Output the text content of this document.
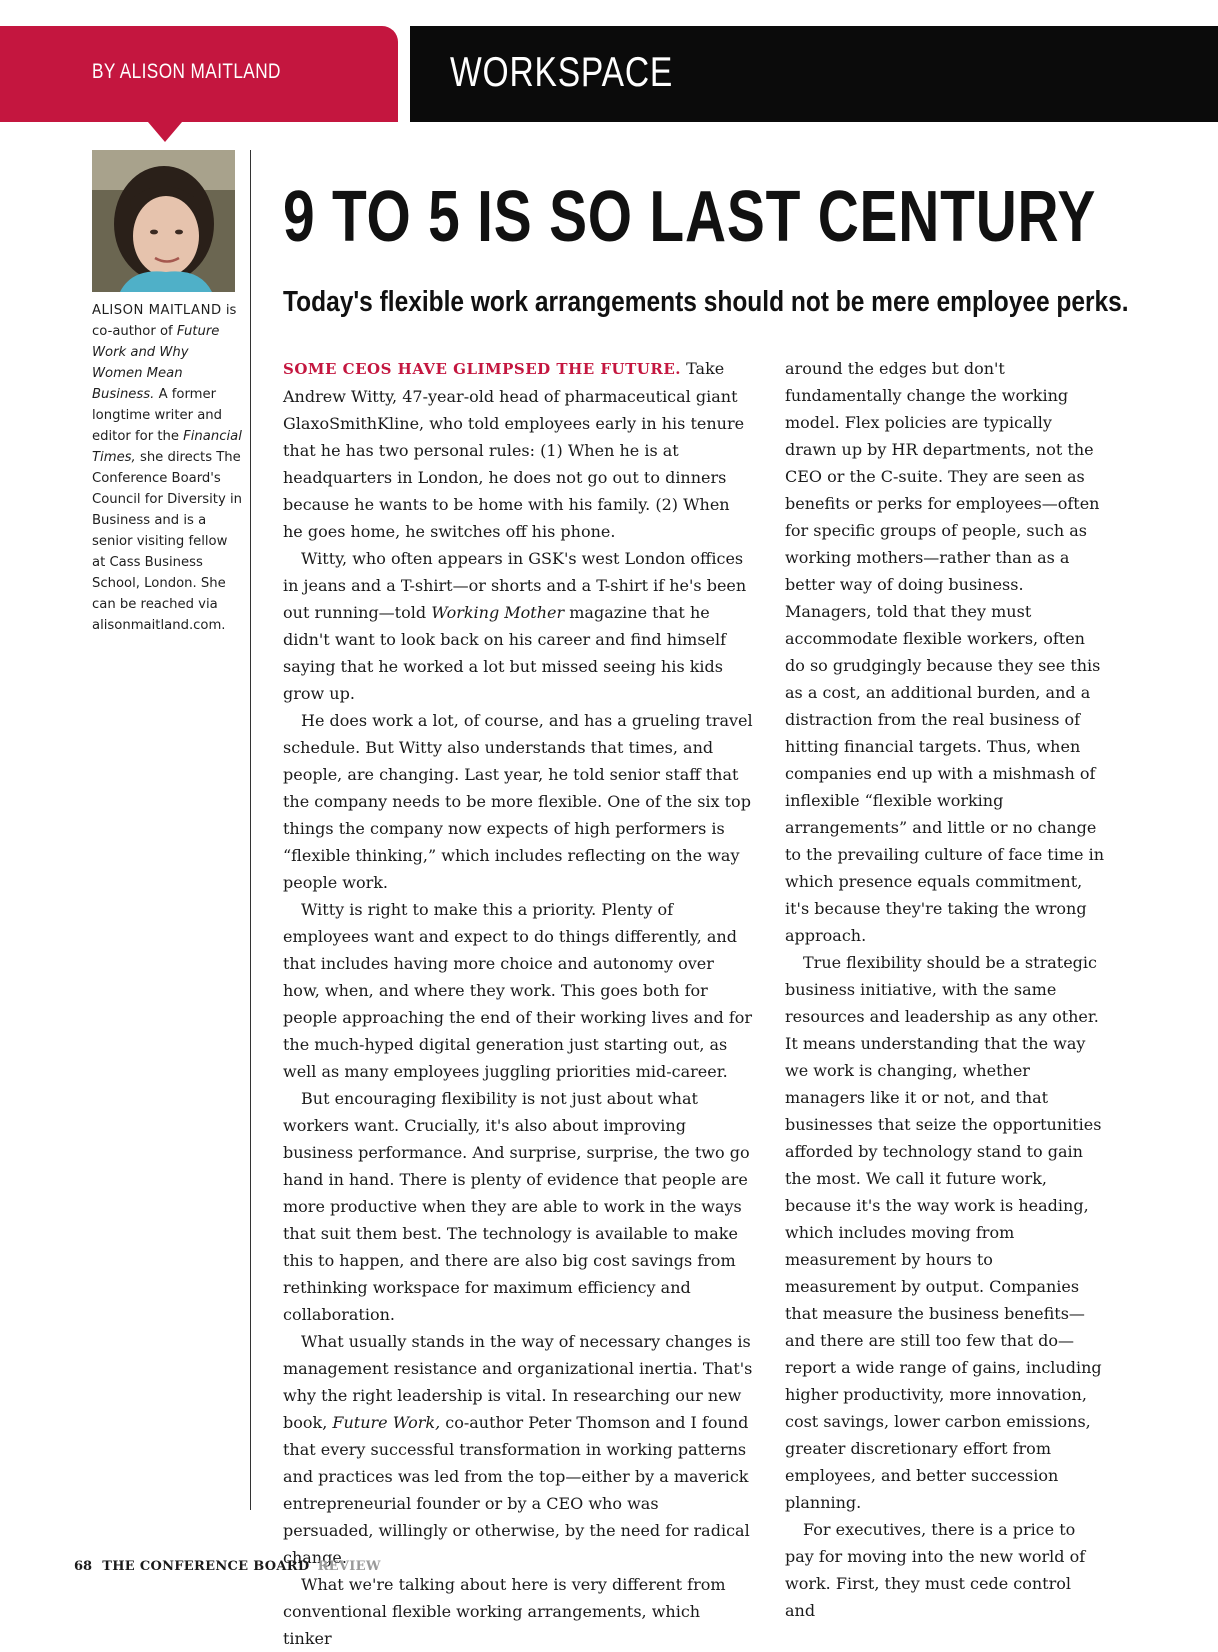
BY ALISON MAITLAND	WORKSPACE
ALISON MAITLAND is co-author of Future Work and Why Women Mean Business. A former longtime writer and editor for the Financial Times, she directs The Conference Board's Council for Diversity in Business and is a senior visiting fellow at Cass Business School, London. She can be reached via alisonmaitland.com.
9 TO 5 IS SO LAST CENTURY
Today's flexible work arrangements should not be mere employee perks.

SOME CEOS HAVE GLIMPSED THE FUTURE. Take Andrew Witty, 47-year-old head of pharmaceutical giant GlaxoSmithKline, who told employees early in his tenure that he has two personal rules: (1) When he is at headquarters in London, he does not go out to dinners because he wants to be home with his family. (2) When he goes home, he switches off his phone.

Witty, who often appears in GSK's west London offices in jeans and a T-shirt—or shorts and a T-shirt if he's been out running—told Working Mother magazine that he didn't want to look back on his career and find himself saying that he worked a lot but missed seeing his kids grow up.

He does work a lot, of course, and has a grueling travel schedule. But Witty also understands that times, and people, are changing. Last year, he told senior staff that the company needs to be more flexible. One of the six top things the company now expects of high performers is “flexible thinking,” which includes reflecting on the way people work.

Witty is right to make this a priority. Plenty of employees want and expect to do things differently, and that includes having more choice and autonomy over how, when, and where they work. This goes both for people approaching the end of their working lives and for the much-hyped digital generation just starting out, as well as many employees juggling priorities mid-career.

But encouraging flexibility is not just about what workers want. Crucially, it's also about improving business performance. And surprise, surprise, the two go hand in hand. There is plenty of evidence that people are more productive when they are able to work in the ways that suit them best. The technology is available to make this to happen, and there are also big cost savings from rethinking workspace for maximum efficiency and collaboration.

What usually stands in the way of necessary changes is management resistance and organizational inertia. That's why the right leadership is vital. In researching our new book, Future Work, co-author Peter Thomson and I found that every successful transformation in working patterns and practices was led from the top—either by a maverick entrepreneurial founder or by a CEO who was persuaded, willingly or otherwise, by the need for radical change.

What we're talking about here is very different from conventional flexible working arrangements, which tinker

around the edges but don't fundamentally change the working model. Flex policies are typically drawn up by HR departments, not the CEO or the C-suite. They are seen as benefits or perks for employees—often for specific groups of people, such as working mothers—rather than as a better way of doing business. Managers, told that they must accommodate flexible workers, often do so grudgingly because they see this as a cost, an additional burden, and a distraction from the real business of hitting financial targets. Thus, when companies end up with a mishmash of inflexible “flexible working arrangements” and little or no change to the prevailing culture of face time in which presence equals commitment, it's because they're taking the wrong approach.

True flexibility should be a strategic business initiative, with the same resources and leadership as any other. It means understanding that the way we work is changing, whether managers like it or not, and that businesses that seize the opportunities afforded by technology stand to gain the most. We call it future work, because it's the way work is heading, which includes moving from measurement by hours to measurement by output. Companies that measure the business benefits—and there are still too few that do—report a wide range of gains, including higher productivity, more innovation, cost savings, lower carbon emissions, greater discretionary effort from employees, and better succession planning.

For executives, there is a price to pay for moving into the new world of work. First, they must cede control and

68 THE CONFERENCE BOARD REVIEW
